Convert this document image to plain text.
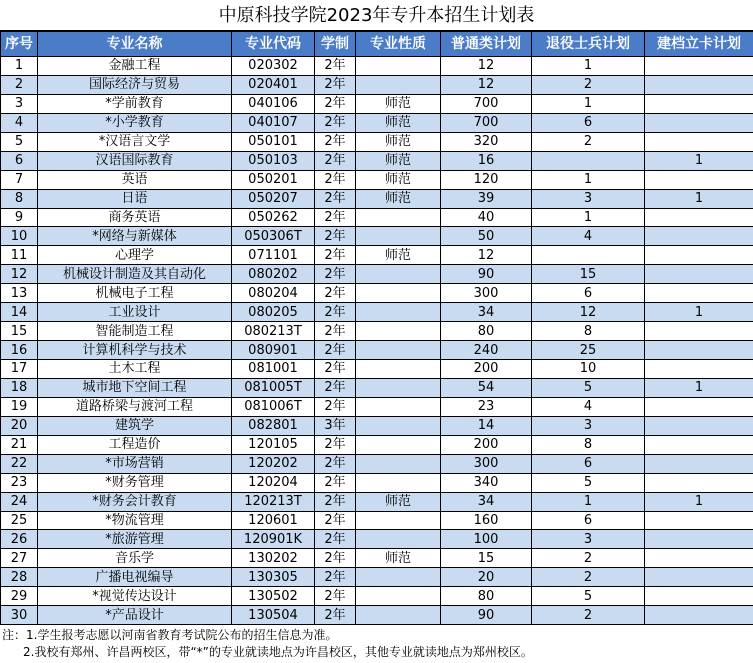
中原科技学院2023年专升本招生计划表
序号	专业名称	专业代码	学制	专业性质	普通类计划	退役士兵计划	建档立卡计划
1	金融工程	020302	2年		12	1	
2	国际经济与贸易	020401	2年		12	2	
3	*学前教育	040106	2年	师范	700	1	
4	*小学教育	040107	2年	师范	700	6	
5	*汉语言文学	050101	2年	师范	320	2	
6	汉语国际教育	050103	2年	师范	16		1
7	英语	050201	2年	师范	120	1	
8	日语	050207	2年	师范	39	3	1
9	商务英语	050262	2年		40	1	
10	*网络与新媒体	050306T	2年		50	4	
11	心理学	071101	2年	师范	12		
12	机械设计制造及其自动化	080202	2年		90	15	
13	机械电子工程	080204	2年		300	6	
14	工业设计	080205	2年		34	12	1
15	智能制造工程	080213T	2年		80	8	
16	计算机科学与技术	080901	2年		240	25	
17	土木工程	081001	2年		200	10	
18	城市地下空间工程	081005T	2年		54	5	1
19	道路桥梁与渡河工程	081006T	2年		23	4	
20	建筑学	082801	3年		14	3	
21	工程造价	120105	2年		200	8	
22	*市场营销	120202	2年		300	6	
23	*财务管理	120204	2年		340	5	
24	*财务会计教育	120213T	2年	师范	34	1	1
25	*物流管理	120601	2年		160	6	
26	*旅游管理	120901K	2年		100	3	
27	音乐学	130202	2年	师范	15	2	
28	广播电视编导	130305	2年		20	2	
29	*视觉传达设计	130502	2年		80	5	
30	*产品设计	130504	2年		90	2	
注：1.学生报考志愿以河南省教育考试院公布的招生信息为准。
2.我校有郑州、许昌两校区，带“*”的专业就读地点为许昌校区，其他专业就读地点为郑州校区。
